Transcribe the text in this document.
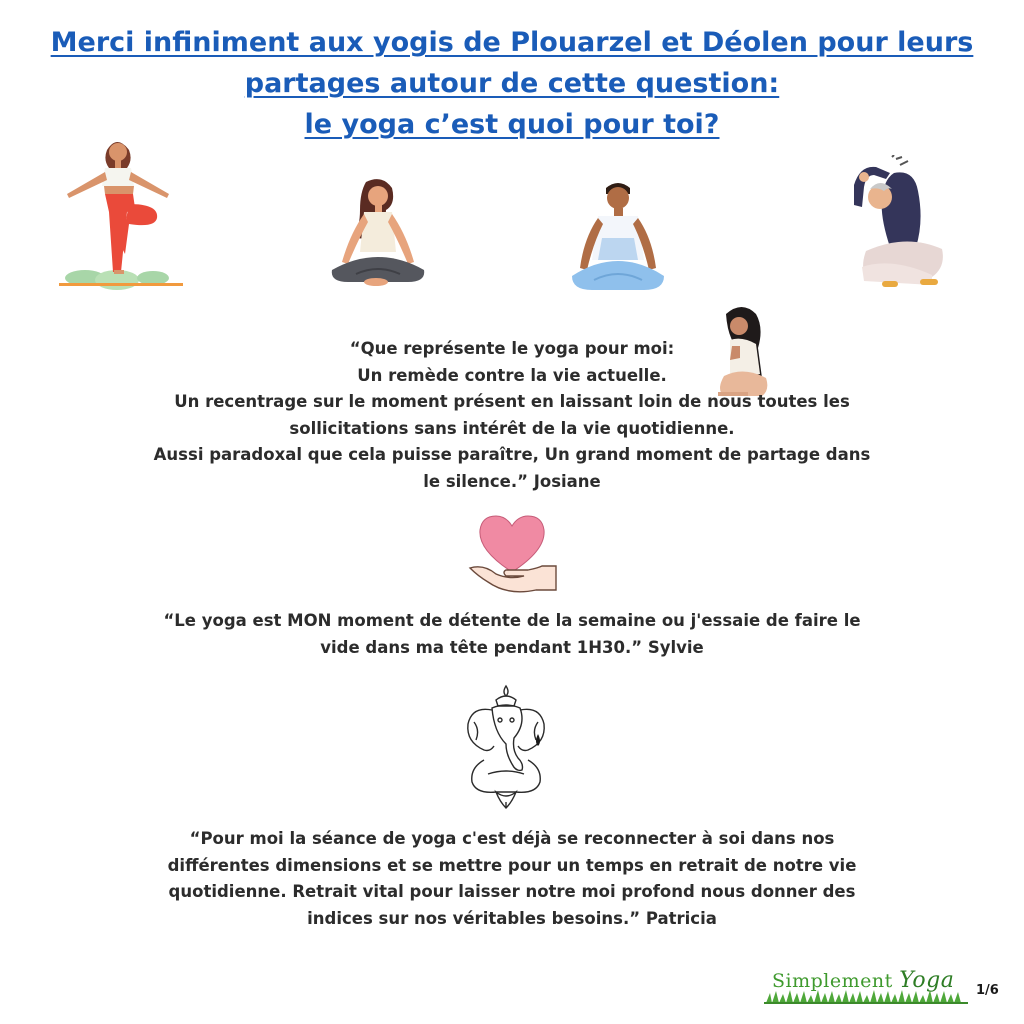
Merci infiniment aux yogis de Plouarzel et Déolen pour leurs
partages autour de cette question:
le yoga c’est quoi pour toi?
“Que représente le yoga pour moi:
Un remède contre la vie actuelle.
Un recentrage sur le moment présent en laissant loin de nous toutes les
sollicitations sans intérêt de la vie quotidienne.
Aussi paradoxal que cela puisse paraître, Un grand moment de partage dans
le silence.” Josiane
“Le yoga est MON moment de détente de la semaine ou j'essaie de faire le
vide dans ma tête pendant 1H30.” Sylvie
“Pour moi la séance de yoga c'est déjà se reconnecter à soi dans nos
différentes dimensions et se mettre pour un temps en retrait de notre vie
quotidienne. Retrait vital pour laisser notre moi profond nous donner des
indices sur nos véritables besoins.” Patricia
Simplement Yoga 1/6
